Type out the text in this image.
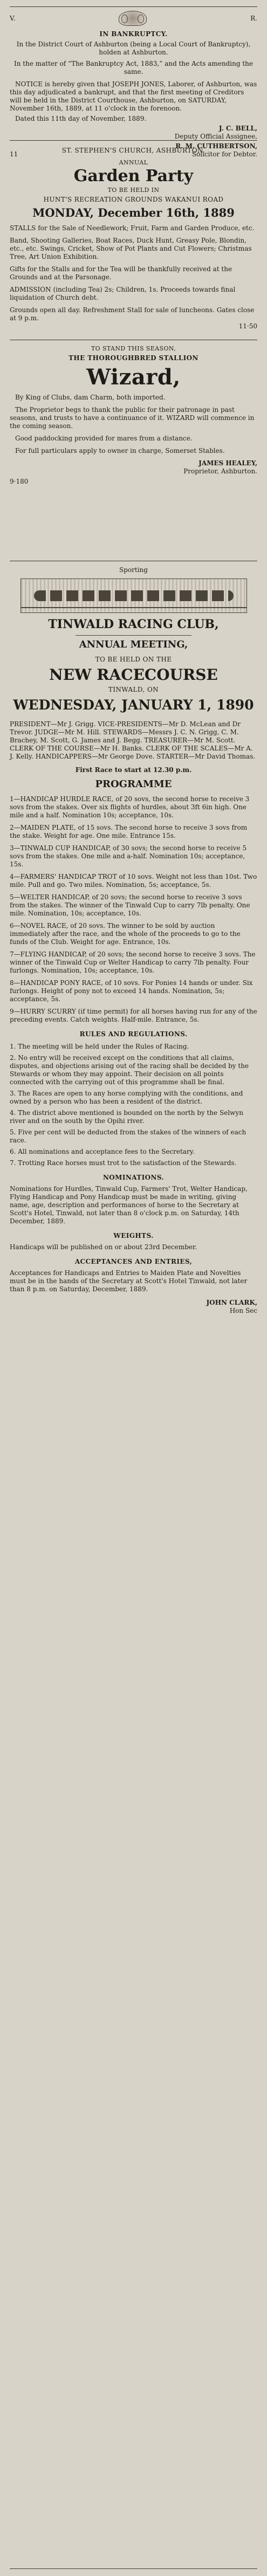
V.	R.

IN BANKRUPTCY.

In the District Court of Ashburton (being a Local Court of Bankruptcy), holden at Ashburton.

In the matter of “The Bankruptcy Act, 1883,” and the Acts amending the same.

NOTICE is hereby given that JOSEPH JONES, Laborer, of Ashburton, was this day adjudicated a bankrupt, and that the first meeting of Creditors will be held in the District Courthouse, Ashburton, on SATURDAY, November 16th, 1889, at 11 o'clock in the forenoon.

Dated this 11th day of November, 1889.

J. C. BELL,

Deputy Official Assignee,

R. M. CUTHBERTSON,

11	Solicitor for Debtor.

ST. STEPHEN'S CHURCH, ASHBURTON.

ANNUAL

Garden Party

TO BE HELD IN

HUNT'S RECREATION GROUNDS WAKANUI ROAD

MONDAY, December 16th, 1889

STALLS for the Sale of Needlework; Fruit, Farm and Garden Produce, etc.

Band, Shooting Galleries, Boat Races, Duck Hunt, Greasy Pole, Blondin, etc., etc. Swings, Cricket, Show of Pot Plants and Cut Flowers; Christmas Tree, Art Union Exhibition.

Gifts for the Stalls and for the Tea will be thankfully received at the Grounds and at the Parsonage.

ADMISSION (including Tea) 2s; Children, 1s. Proceeds towards final liquidation of Church debt.

Grounds open all day. Refreshment Stall for sale of luncheons. Gates close at 9 p.m.

11·50

TO STAND THIS SEASON,

THE THOROUGHBRED STALLION

Wizard,

By King of Clubs, dam Charm, both imported.

The Proprietor begs to thank the public for their patronage in past seasons, and trusts to have a continuance of it. WIZARD will commence in the coming season.

Good paddocking provided for mares from a distance.

For full particulars apply to owner in charge, Somerset Stables.

JAMES HEALEY,

Proprietor, Ashburton.

9·180

Sporting

TINWALD RACING CLUB,

ANNUAL MEETING,

TO BE HELD ON THE

NEW RACECOURSE

TINWALD, ON

WEDNESDAY, JANUARY 1, 1890

PRESIDENT—Mr J. Grigg. VICE-PRESIDENTS—Mr D. McLean and Dr Trevor. JUDGE—Mr M. Hill. STEWARDS—Messrs J. C. N. Grigg, C. M. Brachey, M. Scott, G. James and J. Begg. TREASURER—Mr M. Scott. CLERK OF THE COURSE—Mr H. Banks. CLERK OF THE SCALES—Mr A. J. Kelly. HANDICAPPERS—Mr George Dove. STARTER—Mr David Thomas.

First Race to start at 12.30 p.m.

PROGRAMME

1—HANDICAP HURDLE RACE, of 20 sovs, the second horse to receive 3 sovs from the stakes. Over six flights of hurdles, about 3ft 6in high. One mile and a half. Nomination 10s; acceptance, 10s.

2—MAIDEN PLATE, of 15 sovs. The second horse to receive 3 sovs from the stake. Weight for age. One mile. Entrance 15s.

3—TINWALD CUP HANDICAP, of 30 sovs; the second horse to receive 5 sovs from the stakes. One mile and a-half. Nomination 10s; acceptance, 15s.

4—FARMERS' HANDICAP TROT of 10 sovs. Weight not less than 10st. Two mile. Pull and go. Two miles. Nomination, 5s; acceptance, 5s.

5—WELTER HANDICAP, of 20 sovs; the second horse to receive 3 sovs from the stakes. The winner of the Tinwald Cup to carry 7lb penalty. One mile. Nomination, 10s; acceptance, 10s.

6—NOVEL RACE, of 20 sovs. The winner to be sold by auction immediately after the race, and the whole of the proceeds to go to the funds of the Club. Weight for age. Entrance, 10s.

7—FLYING HANDICAP, of 20 sovs; the second horse to receive 3 sovs. The winner of the Tinwald Cup or Welter Handicap to carry 7lb penalty. Four furlongs. Nomination, 10s; acceptance, 10s.

8—HANDICAP PONY RACE, of 10 sovs. For Ponies 14 hands or under. Six furlongs. Height of pony not to exceed 14 hands. Nomination, 5s; acceptance, 5s.

9—HURRY SCURRY (if time permit) for all horses having run for any of the preceding events. Catch weights. Half-mile. Entrance, 5s.

RULES AND REGULATIONS.

1. The meeting will be held under the Rules of Racing.

2. No entry will be received except on the conditions that all claims, disputes, and objections arising out of the racing shall be decided by the Stewards or whom they may appoint. Their decision on all points connected with the carrying out of this programme shall be final.

3. The Races are open to any horse complying with the conditions, and owned by a person who has been a resident of the district.

4. The district above mentioned is bounded on the north by the Selwyn river and on the south by the Opihi river.

5. Five per cent will be deducted from the stakes of the winners of each race.

6. All nominations and acceptance fees to the Secretary.

7. Trotting Race horses must trot to the satisfaction of the Stewards.

NOMINATIONS.

Nominations for Hurdles, Tinwald Cup, Farmers' Trot, Welter Handicap, Flying Handicap and Pony Handicap must be made in writing, giving name, age, description and performances of horse to the Secretary at Scott's Hotel, Tinwald, not later than 8 o'clock p.m. on Saturday, 14th December, 1889.

WEIGHTS.

Handicaps will be published on or about 23rd December.

ACCEPTANCES AND ENTRIES,

Acceptances for Handicaps and Entries to Maiden Plate and Novelties must be in the hands of the Secretary at Scott's Hotel Tinwald, not later than 8 p.m. on Saturday, December, 1889.

JOHN CLARK,

Hon Sec
